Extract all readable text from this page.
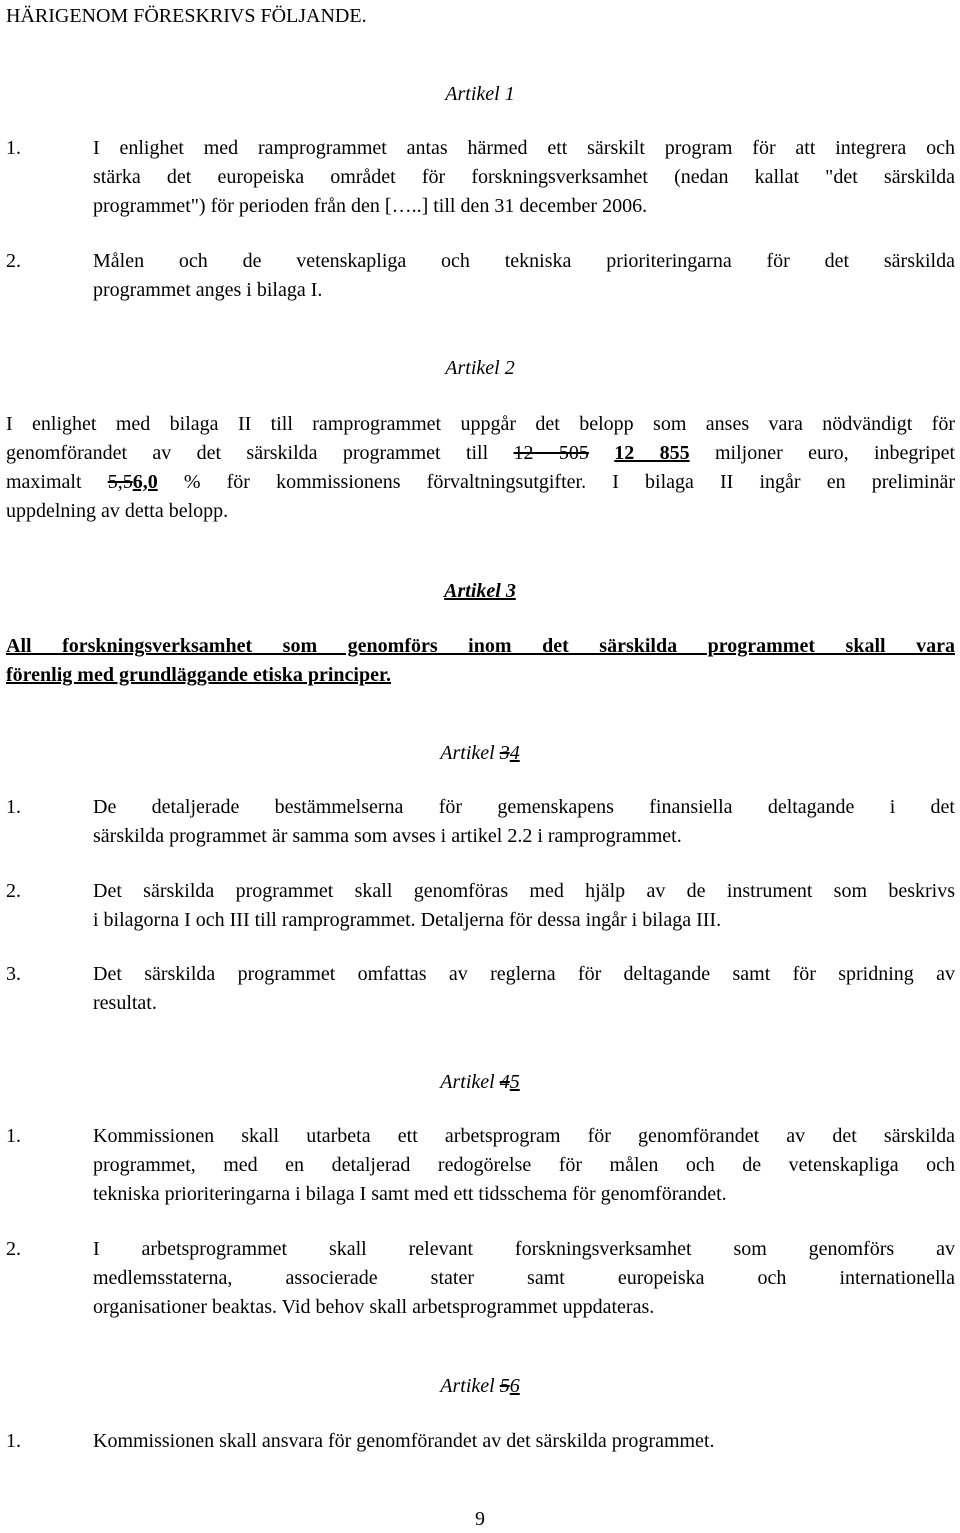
HÄRIGENOM FÖRESKRIVS FÖLJANDE.
Artikel 1
1.	I enlighet med ramprogrammet antas härmed ett särskilt program för att integrera och
stärka det europeiska området för forskningsverksamhet (nedan kallat "det särskilda
programmet") för perioden från den […..] till den 31 december 2006.
2.	Målen och de vetenskapliga och tekniska prioriteringarna för det särskilda
programmet anges i bilaga I.
Artikel 2
I enlighet med bilaga II till ramprogrammet uppgår det belopp som anses vara nödvändigt för
genomförandet av det särskilda programmet till 12 505 12 855 miljoner euro, inbegripet
maximalt 5,56,0 % för kommissionens förvaltningsutgifter. I bilaga II ingår en preliminär
uppdelning av detta belopp.
Artikel 3
All forskningsverksamhet som genomförs inom det särskilda programmet skall vara
förenlig med grundläggande etiska principer.
Artikel 34
1.	De detaljerade bestämmelserna för gemenskapens finansiella deltagande i det
särskilda programmet är samma som avses i artikel 2.2 i ramprogrammet.
2.	Det särskilda programmet skall genomföras med hjälp av de instrument som beskrivs
i bilagorna I och III till ramprogrammet. Detaljerna för dessa ingår i bilaga III.
3.	Det särskilda programmet omfattas av reglerna för deltagande samt för spridning av
resultat.
Artikel 45
1.	Kommissionen skall utarbeta ett arbetsprogram för genomförandet av det särskilda
programmet, med en detaljerad redogörelse för målen och de vetenskapliga och
tekniska prioriteringarna i bilaga I samt med ett tidsschema för genomförandet.
2.	I arbetsprogrammet skall relevant forskningsverksamhet som genomförs av
medlemsstaterna, associerade stater samt europeiska och internationella
organisationer beaktas. Vid behov skall arbetsprogrammet uppdateras.
Artikel 56
1.	Kommissionen skall ansvara för genomförandet av det särskilda programmet.
9
